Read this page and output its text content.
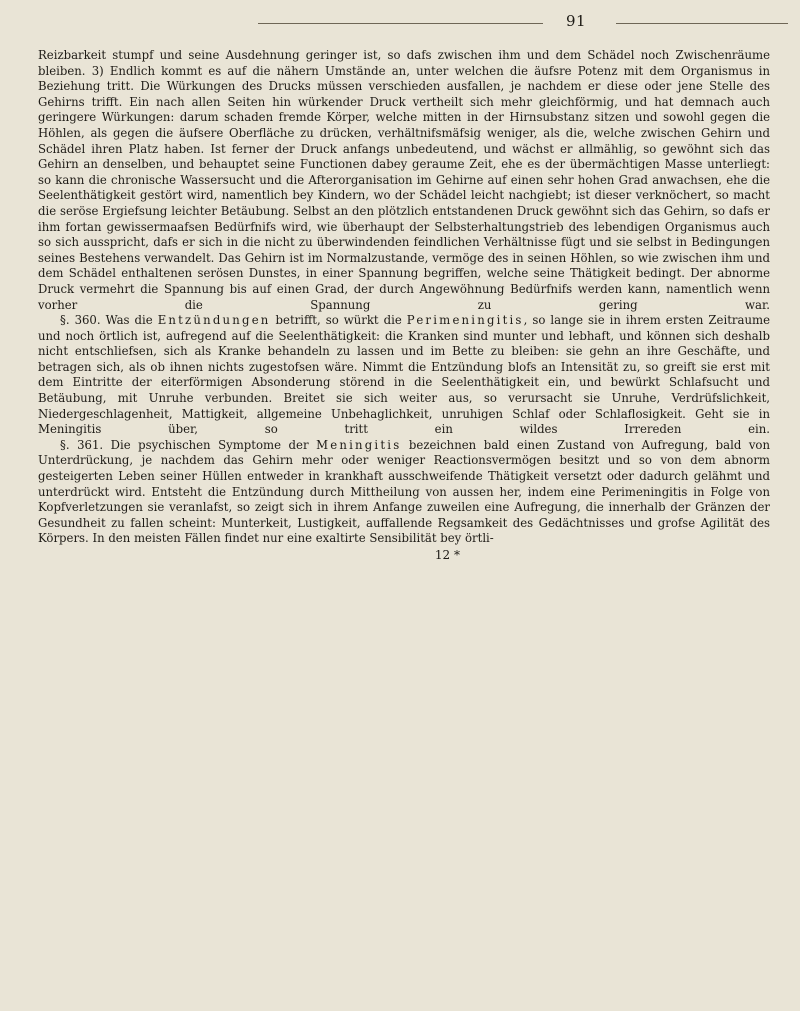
91

Reizbarkeit stumpf und seine Ausdehnung geringer ist, so dafs zwischen ihm und dem Schädel noch Zwischenräume bleiben. 3) Endlich kommt es auf die nähern Umstände an, unter welchen die äufsre Potenz mit dem Organismus in Beziehung tritt. Die Würkungen des Drucks müssen verschieden ausfallen, je nachdem er diese oder jene Stelle des Gehirns trifft. Ein nach allen Seiten hin würkender Druck vertheilt sich mehr gleichförmig, und hat demnach auch geringere Würkungen: darum schaden fremde Körper, welche mitten in der Hirnsubstanz sitzen und sowohl gegen die Höhlen, als gegen die äufsere Oberfläche zu drücken, verhältnifsmäfsig weniger, als die, welche zwischen Gehirn und Schädel ihren Platz haben. Ist ferner der Druck anfangs unbedeutend, und wächst er allmählig, so gewöhnt sich das Gehirn an denselben, und behauptet seine Functionen dabey geraume Zeit, ehe es der übermächtigen Masse unterliegt: so kann die chronische Wassersucht und die Afterorganisation im Gehirne auf einen sehr hohen Grad anwachsen, ehe die Seelenthätigkeit gestört wird, namentlich bey Kindern, wo der Schädel leicht nachgiebt; ist dieser verknöchert, so macht die seröse Ergiefsung leichter Betäubung. Selbst an den plötzlich entstandenen Druck gewöhnt sich das Gehirn, so dafs er ihm fortan gewissermaafsen Bedürfnifs wird, wie überhaupt der Selbsterhaltungstrieb des lebendigen Organismus auch so sich ausspricht, dafs er sich in die nicht zu überwindenden feindlichen Verhältnisse fügt und sie selbst in Bedingungen seines Bestehens verwandelt. Das Gehirn ist im Normalzustande, vermöge des in seinen Höhlen, so wie zwischen ihm und dem Schädel enthaltenen serösen Dunstes, in einer Spannung begriffen, welche seine Thätigkeit bedingt. Der abnorme Druck vermehrt die Spannung bis auf einen Grad, der durch Angewöhnung Bedürfnifs werden kann, namentlich wenn vorher die Spannung zu gering war.

§. 360. Was die Entzündungen betrifft, so würkt die Perimeningitis, so lange sie in ihrem ersten Zeitraume und noch örtlich ist, aufregend auf die Seelenthätigkeit: die Kranken sind munter und lebhaft, und können sich deshalb nicht entschliefsen, sich als Kranke behandeln zu lassen und im Bette zu bleiben: sie gehn an ihre Geschäfte, und betragen sich, als ob ihnen nichts zugestofsen wäre. Nimmt die Entzündung blofs an Intensität zu, so greift sie erst mit dem Eintritte der eiterförmigen Absonderung störend in die Seelenthätigkeit ein, und bewürkt Schlafsucht und Betäubung, mit Unruhe verbunden. Breitet sie sich weiter aus, so verursacht sie Unruhe, Verdrüfslichkeit, Niedergeschlagenheit, Mattigkeit, allgemeine Unbehaglichkeit, unruhigen Schlaf oder Schlaflosigkeit. Geht sie in Meningitis über, so tritt ein wildes Irrereden ein.

§. 361. Die psychischen Symptome der Meningitis bezeichnen bald einen Zustand von Aufregung, bald von Unterdrückung, je nachdem das Gehirn mehr oder weniger Reactionsvermögen besitzt und so von dem abnorm gesteigerten Leben seiner Hüllen entweder in krankhaft ausschweifende Thätigkeit versetzt oder dadurch gelähmt und unterdrückt wird. Entsteht die Entzündung durch Mittheilung von aussen her, indem eine Perimeningitis in Folge von Kopfverletzungen sie veranlafst, so zeigt sich in ihrem Anfange zuweilen eine Aufregung, die innerhalb der Gränzen der Gesundheit zu fallen scheint: Munterkeit, Lustigkeit, auffallende Regsamkeit des Gedächtnisses und grofse Agilität des Körpers. In den meisten Fällen findet nur eine exaltirte Sensibilität bey örtli-

12 *
